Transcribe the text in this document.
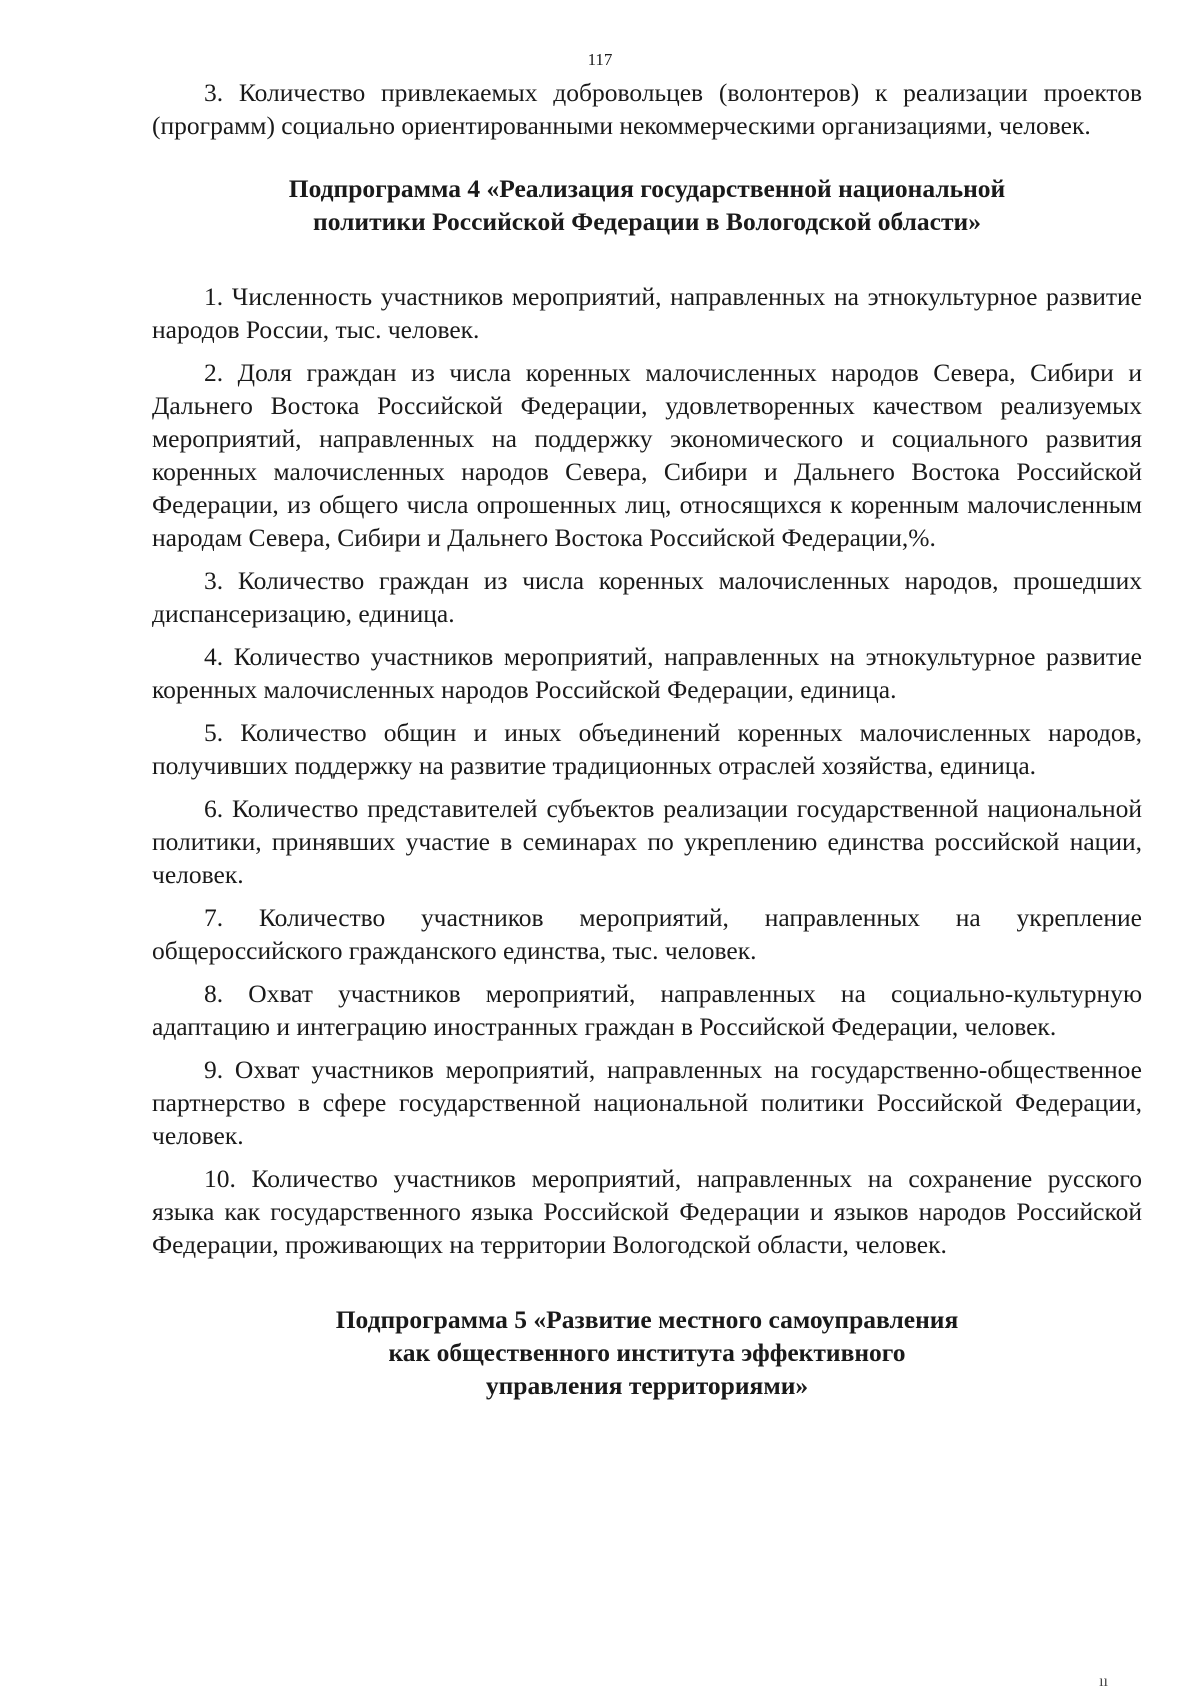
117

3. Количество привлекаемых добровольцев (волонтеров) к реализации проектов (программ) социально ориентированными некоммерческими организациями, человек.

Подпрограмма 4 «Реализация государственной национальной
политики Российской Федерации в Вологодской области»

1. Численность участников мероприятий, направленных на этнокультурное развитие народов России, тыс. человек.

2. Доля граждан из числа коренных малочисленных народов Севера, Сибири и Дальнего Востока Российской Федерации, удовлетворенных качеством реализуемых мероприятий, направленных на поддержку экономического и социального развития коренных малочисленных народов Севера, Сибири и Дальнего Востока Российской Федерации, из общего числа опрошенных лиц, относящихся к коренным малочисленным народам Севера, Сибири и Дальнего Востока Российской Федерации,%.

3. Количество граждан из числа коренных малочисленных народов, прошедших диспансеризацию, единица.

4. Количество участников мероприятий, направленных на этнокультурное развитие коренных малочисленных народов Российской Федерации, единица.

5. Количество общин и иных объединений коренных малочисленных народов, получивших поддержку на развитие традиционных отраслей хозяйства, единица.

6. Количество представителей субъектов реализации государственной национальной политики, принявших участие в семинарах по укреплению единства российской нации, человек.

7. Количество участников мероприятий, направленных на укрепление общероссийского гражданского единства, тыс. человек.

8. Охват участников мероприятий, направленных на социально-культурную адаптацию и интеграцию иностранных граждан в Российской Федерации, человек.

9. Охват участников мероприятий, направленных на государственно-общественное партнерство в сфере государственной национальной политики Российской Федерации, человек.

10. Количество участников мероприятий, направленных на сохранение русского языка как государственного языка Российской Федерации и языков народов Российской Федерации, проживающих на территории Вологодской области, человек.

Подпрограмма 5 «Развитие местного самоуправления
как общественного института эффективного
управления территориями»
ıı
